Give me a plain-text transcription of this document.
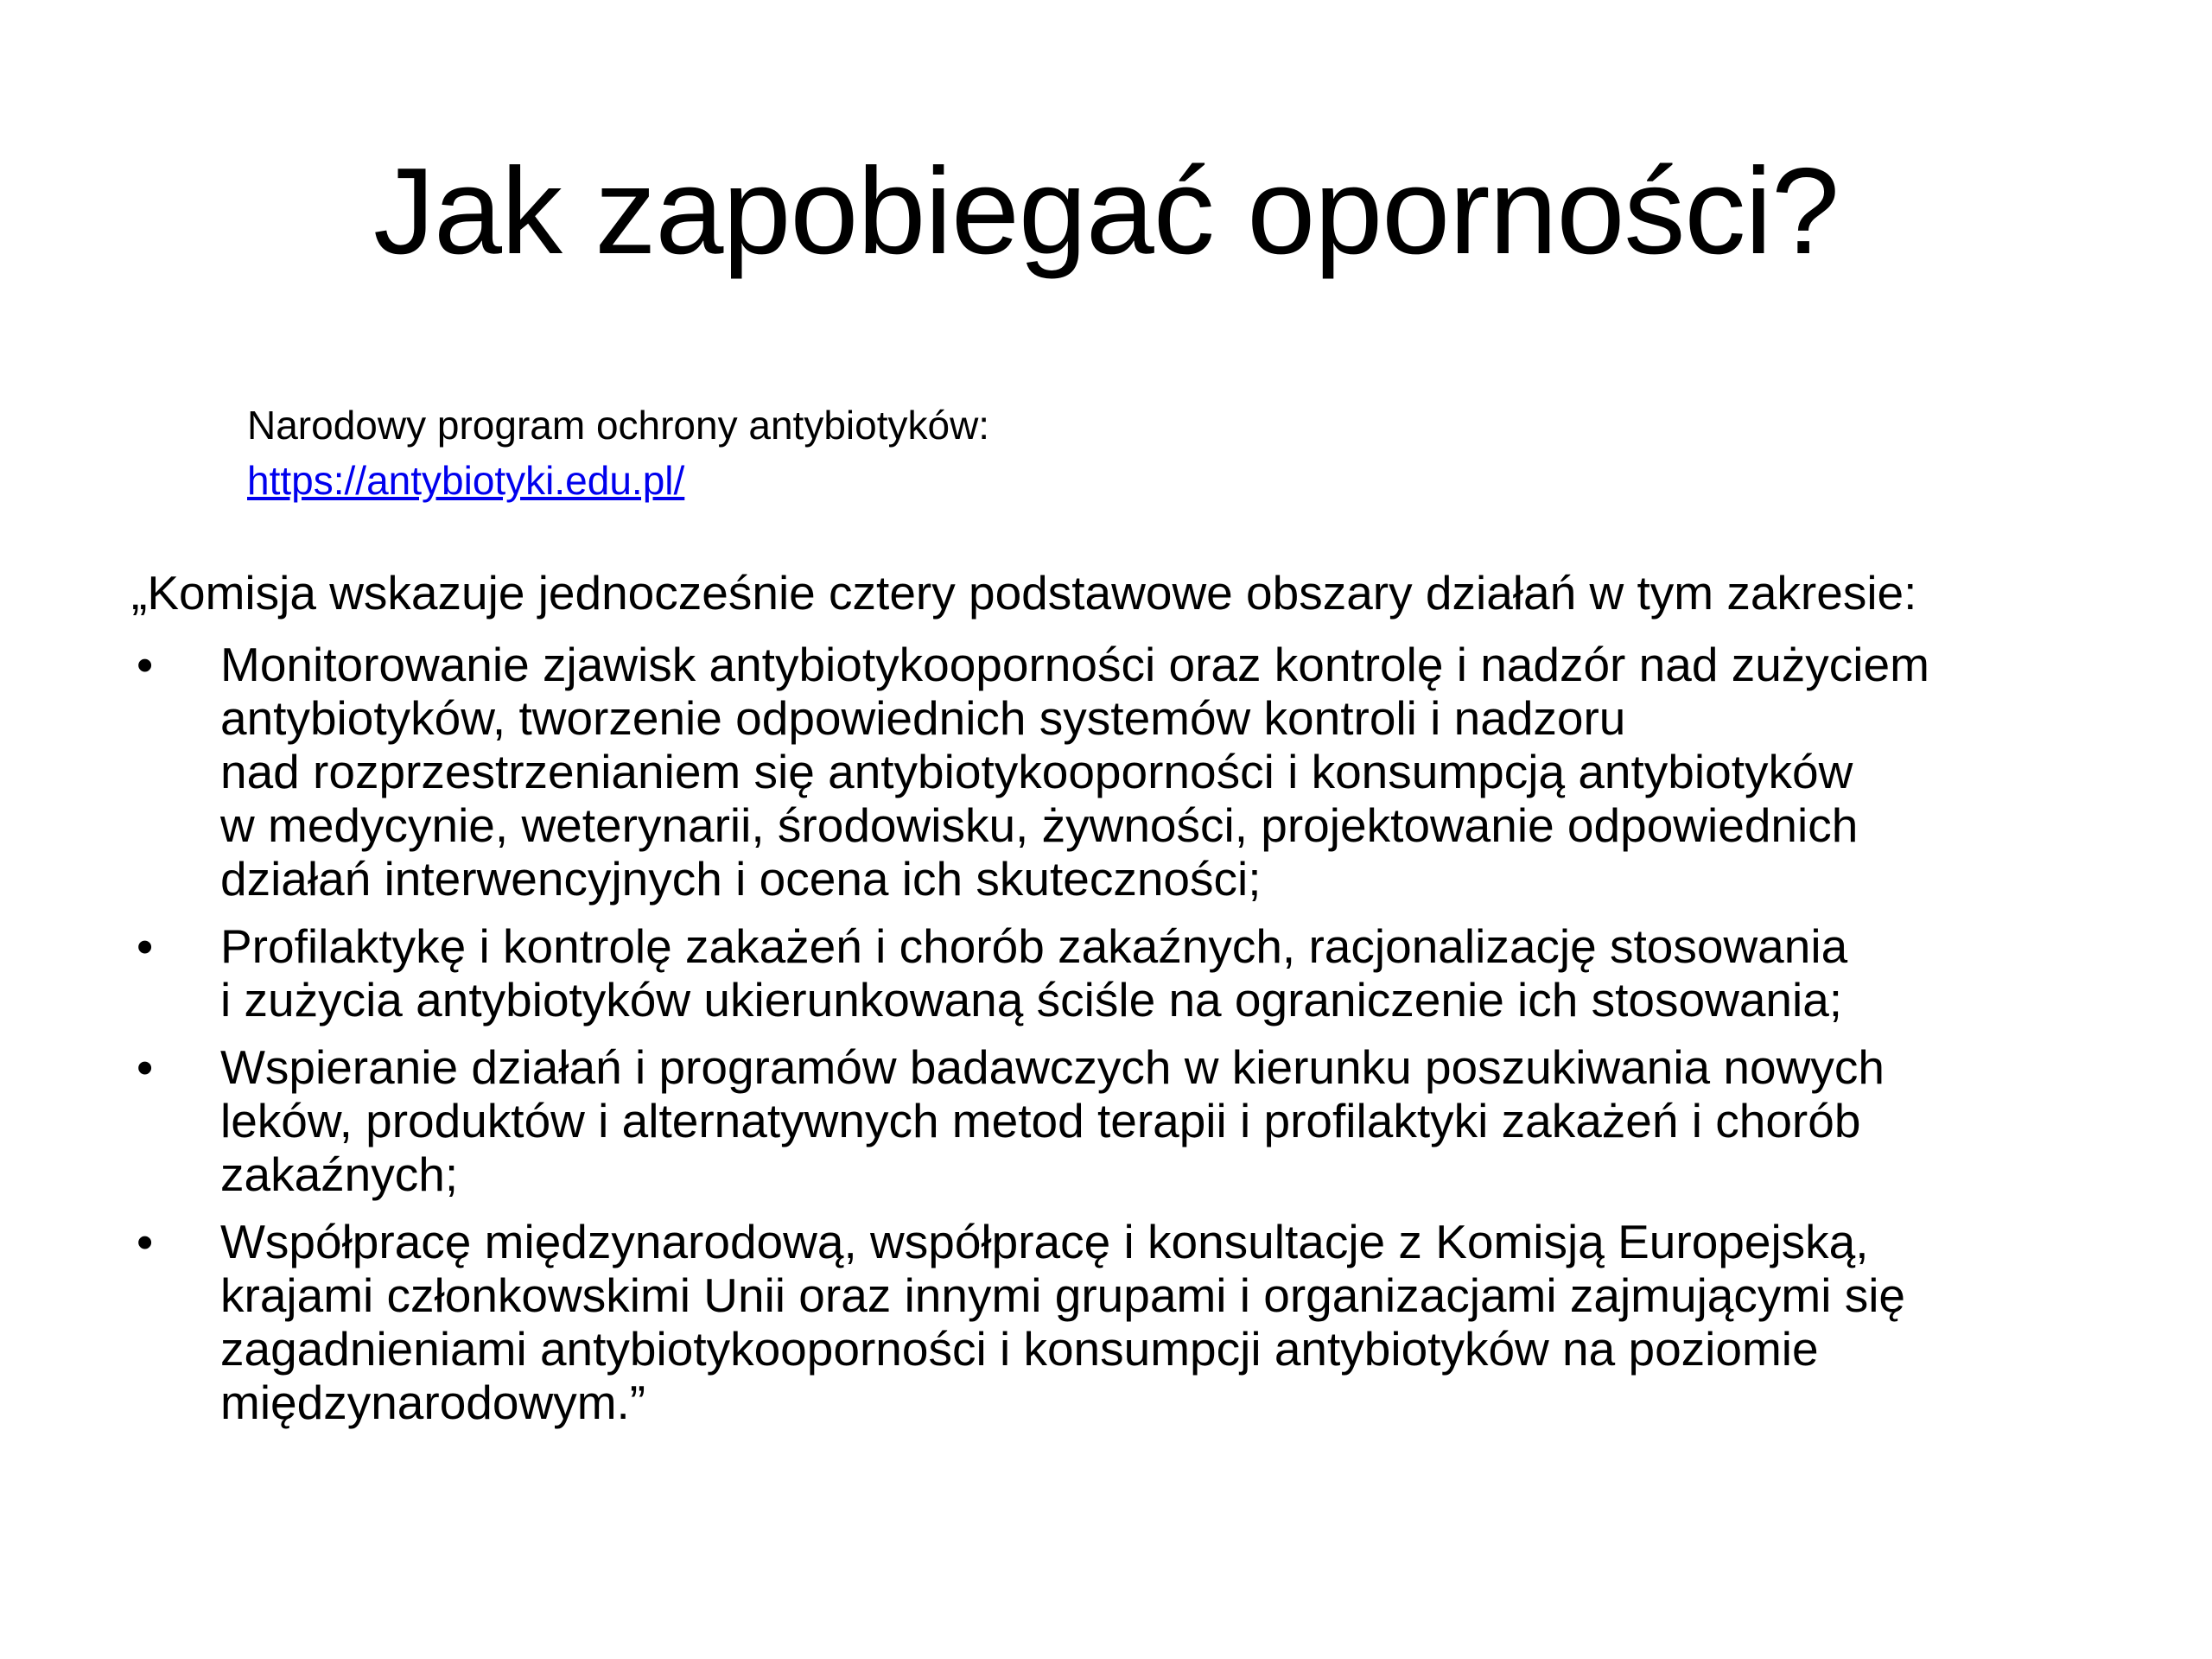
Jak zapobiegać oporności?
Narodowy program ochrony antybiotyków:
https://antybiotyki.edu.pl/

„Komisja wskazuje jednocześnie cztery podstawowe obszary działań w tym zakresie:

• Monitorowanie zjawisk antybiotykooporności oraz kontrolę i nadzór nad zużyciem
antybiotyków, tworzenie odpowiednich systemów kontroli i nadzoru
nad rozprzestrzenianiem się antybiotykooporności i konsumpcją antybiotyków
w medycynie, weterynarii, środowisku, żywności, projektowanie odpowiednich
działań interwencyjnych i ocena ich skuteczności;
• Profilaktykę i kontrolę zakażeń i chorób zakaźnych, racjonalizację stosowania
i zużycia antybiotyków ukierunkowaną ściśle na ograniczenie ich stosowania;
• Wspieranie działań i programów badawczych w kierunku poszukiwania nowych
leków, produktów i alternatywnych metod terapii i profilaktyki zakażeń i chorób
zakaźnych;
• Współpracę międzynarodową, współpracę i konsultacje z Komisją Europejską,
krajami członkowskimi Unii oraz innymi grupami i organizacjami zajmującymi się
zagadnieniami antybiotykooporności i konsumpcji antybiotyków na poziomie
międzynarodowym.”
